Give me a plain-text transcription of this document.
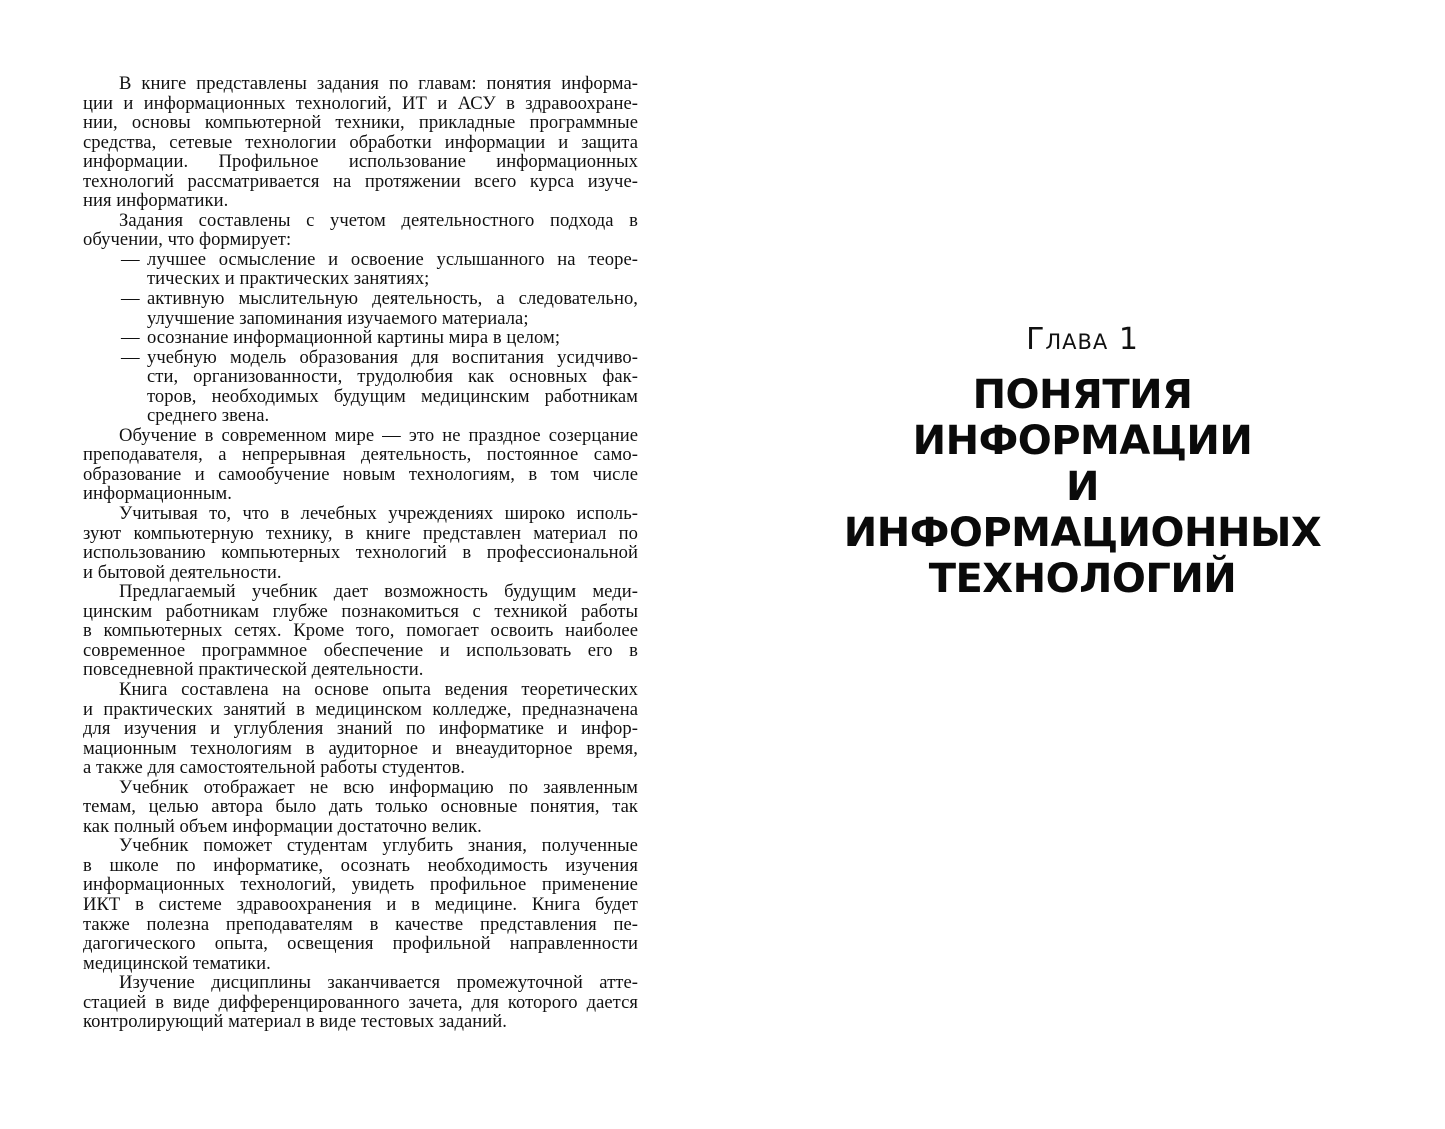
В книге представлены задания по главам: понятия информа-
ции и информационных технологий, ИТ и АСУ в здравоохране-
нии, основы компьютерной техники, прикладные программные
средства, сетевые технологии обработки информации и защита
информации. Профильное использование информационных
технологий рассматривается на протяжении всего курса изуче-
ния информатики.
Задания составлены с учетом деятельностного подхода в
обучении, что формирует:
— лучшее осмысление и освоение услышанного на теоре-
тических и практических занятиях;
— активную мыслительную деятельность, а следовательно,
улучшение запоминания изучаемого материала;
— осознание информационной картины мира в целом;
— учебную модель образования для воспитания усидчиво-
сти, организованности, трудолюбия как основных фак-
торов, необходимых будущим медицинским работникам
среднего звена.
Обучение в современном мире — это не праздное созерцание
преподавателя, а непрерывная деятельность, постоянное само-
образование и самообучение новым технологиям, в том числе
информационным.
Учитывая то, что в лечебных учреждениях широко исполь-
зуют компьютерную технику, в книге представлен материал по
использованию компьютерных технологий в профессиональной
и бытовой деятельности.
Предлагаемый учебник дает возможность будущим меди-
цинским работникам глубже познакомиться с техникой работы
в компьютерных сетях. Кроме того, помогает освоить наиболее
современное программное обеспечение и использовать его в
повседневной практической деятельности.
Книга составлена на основе опыта ведения теоретических
и практических занятий в медицинском колледже, предназначена
для изучения и углубления знаний по информатике и инфор-
мационным технологиям в аудиторное и внеаудиторное время,
а также для самостоятельной работы студентов.
Учебник отображает не всю информацию по заявленным
темам, целью автора было дать только основные понятия, так
как полный объем информации достаточно велик.
Учебник поможет студентам углубить знания, полученные
в школе по информатике, осознать необходимость изучения
информационных технологий, увидеть профильное применение
ИКТ в системе здравоохранения и в медицине. Книга будет
также полезна преподавателям в качестве представления пе-
дагогического опыта, освещения профильной направленности
медицинской тематики.
Изучение дисциплины заканчивается промежуточной атте-
стацией в виде дифференцированного зачета, для которого дается
контролирующий материал в виде тестовых заданий.
Глава 1
ПОНЯТИЯ
ИНФОРМАЦИИ
И
ИНФОРМАЦИОННЫХ
ТЕХНОЛОГИЙ
